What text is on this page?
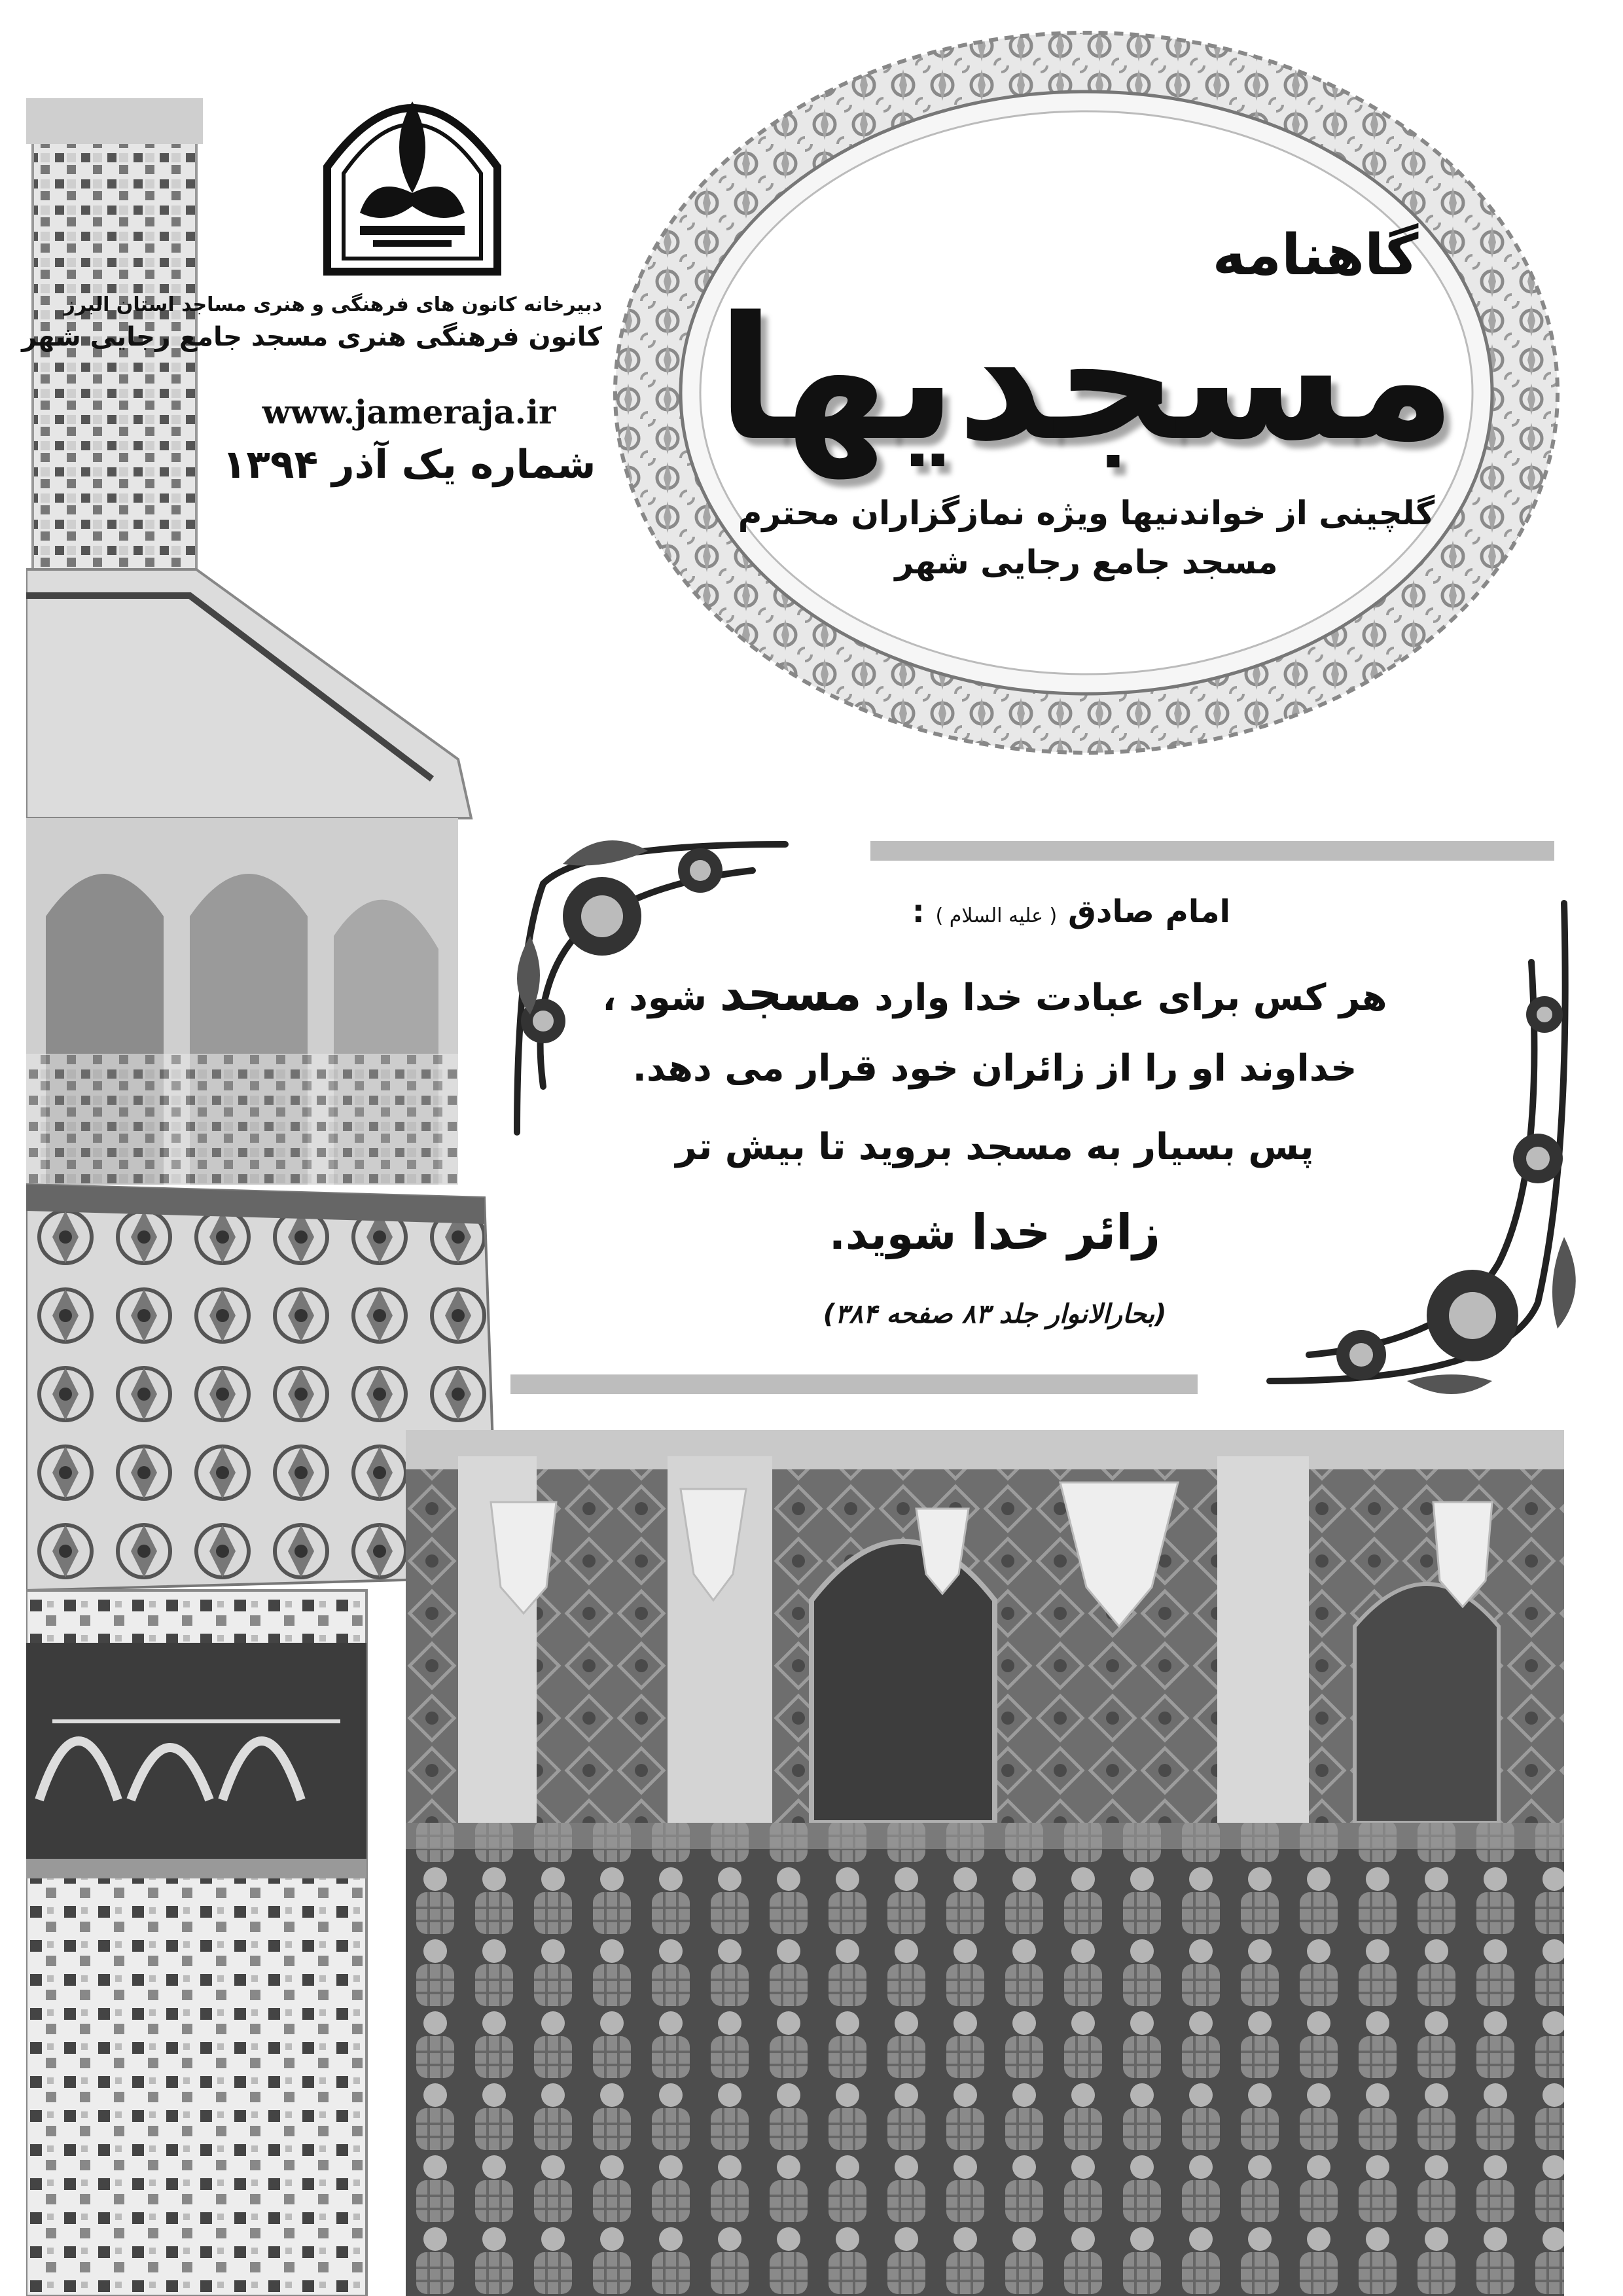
دبیرخانه کانون های فرهنگی و هنری مساجد استان البرز
کانون فرهنگی هنری مسجد جامع رجایی شهر
www.jameraja.ir
شماره یک آذر ۱۳۹۴
گاهنامه
مسجدیها
گلچینی از خواندنیها ویژه نمازگزاران محترم
مسجد جامع رجایی شهر
امام صادق ( علیه السلام ) :
هر کس برای عبادت خدا وارد مسجد شود ،
خداوند او را از زائران خود قرار می دهد.
پس بسیار به مسجد بروید تا بیش تر
زائر خدا شوید.
(بحارالانوار جلد ۸۳ صفحه ۳۸۴)
